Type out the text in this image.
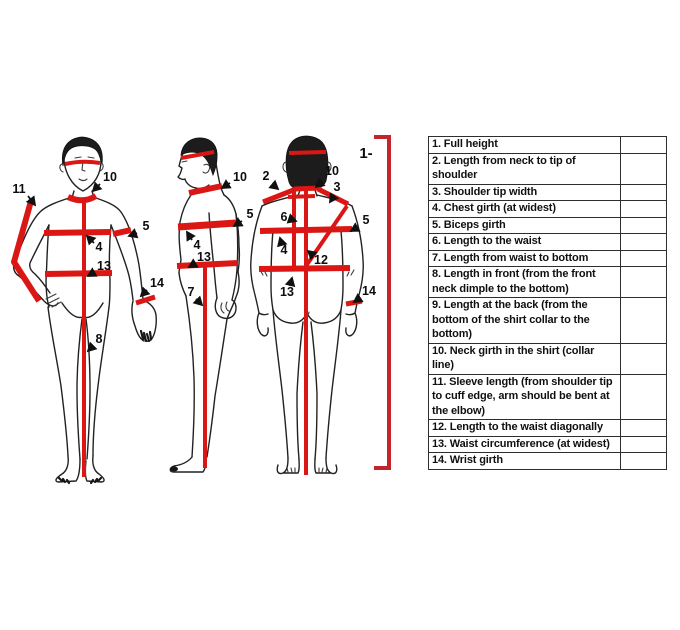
11
10
4
5
13
14
8
10
5
4
13
7
2	10
3
6	5
4
12
13	14
1-
1. Full height	
2. Length from neck to tip of shoulder	
3. Shoulder tip width	
4. Chest girth (at widest)	
5. Biceps girth	
6. Length to the waist	
7. Length from waist to bottom	
8. Length in front (from the front neck dimple to the bottom)	
9. Length at the back (from the bottom of the shirt collar to the bottom)	
10. Neck girth in the shirt (collar line)	
11. Sleeve length (from shoulder tip to cuff edge, arm should be bent at the elbow)	
12. Length to the waist diagonally	
13. Waist circumference (at widest)	
14. Wrist girth	
